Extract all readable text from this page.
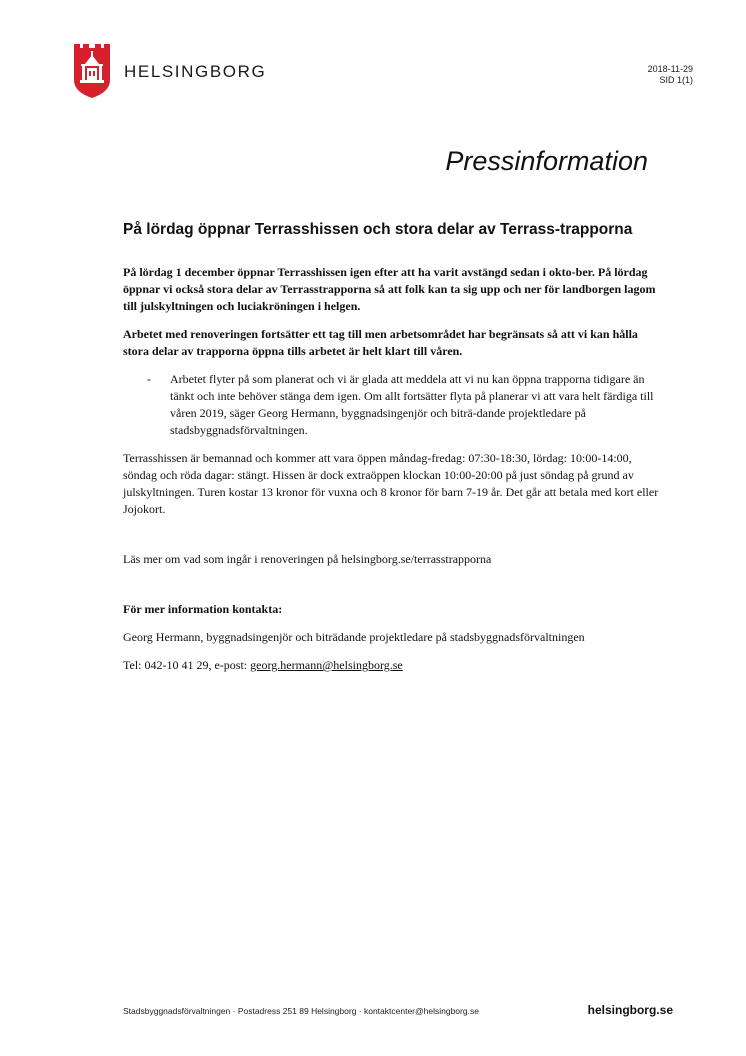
HELSINGBORG	2018-11-29
SID 1(1)
Pressinformation
På lördag öppnar Terrasshissen och stora delar av Terrass-trapporna

På lördag 1 december öppnar Terrasshissen igen efter att ha varit avstängd sedan i okto-ber. På lördag öppnar vi också stora delar av Terrasstrapporna så att folk kan ta sig upp och ner för landborgen lagom till julskyltningen och luciakröningen i helgen.

Arbetet med renoveringen fortsätter ett tag till men arbetsområdet har begränsats så att vi kan hålla stora delar av trapporna öppna tills arbetet är helt klart till våren.

- Arbetet flyter på som planerat och vi är glada att meddela att vi nu kan öppna trapporna tidigare än tänkt och inte behöver stänga dem igen. Om allt fortsätter flyta på planerar vi att vara helt färdiga till våren 2019, säger Georg Hermann, byggnadsingenjör och biträ-dande projektledare på stadsbyggnadsförvaltningen.

Terrasshissen är bemannad och kommer att vara öppen måndag-fredag: 07:30-18:30, lördag: 10:00-14:00, söndag och röda dagar: stängt. Hissen är dock extraöppen klockan 10:00-20:00 på just söndag på grund av julskyltningen. Turen kostar 13 kronor för vuxna och 8 kronor för barn 7-19 år. Det går att betala med kort eller Jojokort.

Läs mer om vad som ingår i renoveringen på helsingborg.se/terrasstrapporna

För mer information kontakta:

Georg Hermann, byggnadsingenjör och biträdande projektledare på stadsbyggnadsförvaltningen

Tel: 042-10 41 29, e-post: georg.hermann@helsingborg.se

Stadsbyggnadsförvaltningen · Postadress 251 89 Helsingborg · kontaktcenter@helsingborg.se	helsingborg.se
